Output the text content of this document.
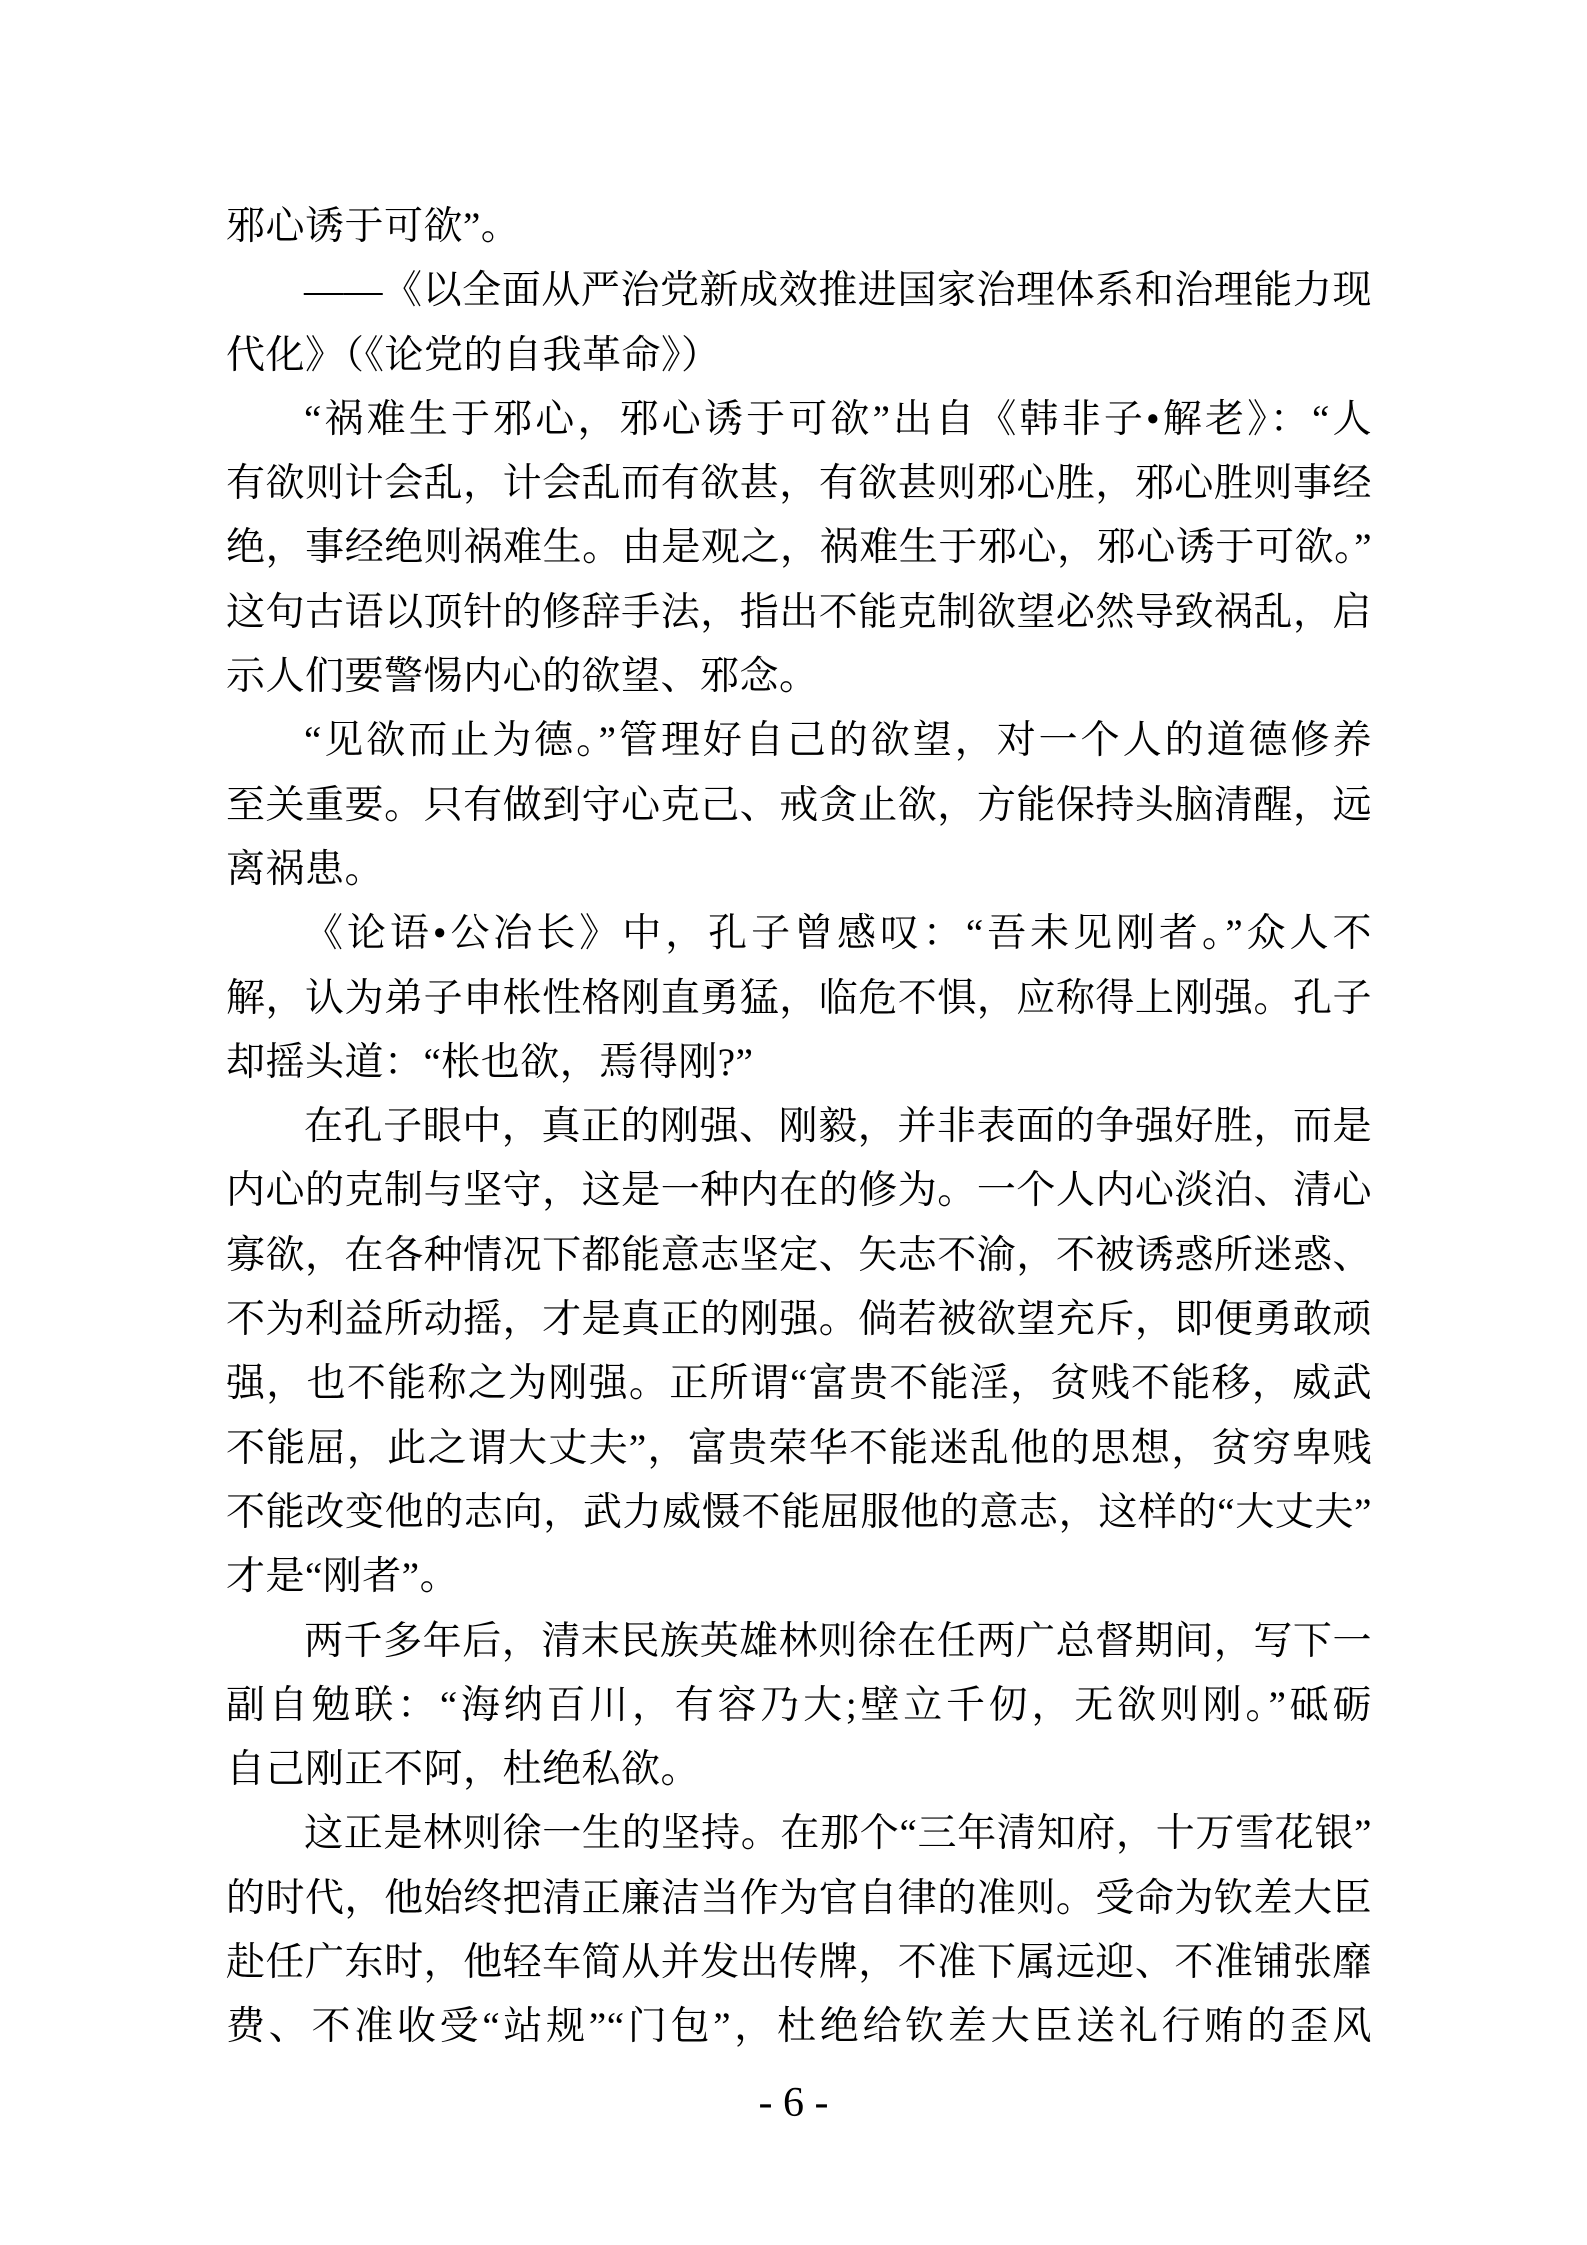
邪心诱于可欲”。
——《以全面从严治党新成效推进国家治理体系和治理能力现
代化》（《论党的自我革命》）
“祸难生于邪心，邪心诱于可欲”出自《韩非子•解老》：“人
有欲则计会乱，计会乱而有欲甚，有欲甚则邪心胜，邪心胜则事经
绝，事经绝则祸难生。由是观之，祸难生于邪心，邪心诱于可欲。”
这句古语以顶针的修辞手法，指出不能克制欲望必然导致祸乱，启
示人们要警惕内心的欲望、邪念。
“见欲而止为德。”管理好自己的欲望，对一个人的道德修养
至关重要。只有做到守心克己、戒贪止欲，方能保持头脑清醒，远
离祸患。
《论语•公冶长》中，孔子曾感叹：“吾未见刚者。”众人不
解，认为弟子申枨性格刚直勇猛，临危不惧，应称得上刚强。孔子
却摇头道：“枨也欲，焉得刚?”
在孔子眼中，真正的刚强、刚毅，并非表面的争强好胜，而是
内心的克制与坚守，这是一种内在的修为。一个人内心淡泊、清心
寡欲，在各种情况下都能意志坚定、矢志不渝，不被诱惑所迷惑、
不为利益所动摇，才是真正的刚强。倘若被欲望充斥，即便勇敢顽
强，也不能称之为刚强。正所谓“富贵不能淫，贫贱不能移，威武
不能屈，此之谓大丈夫”，富贵荣华不能迷乱他的思想，贫穷卑贱
不能改变他的志向，武力威慑不能屈服他的意志，这样的“大丈夫”
才是“刚者”。
两千多年后，清末民族英雄林则徐在任两广总督期间，写下一
副自勉联：“海纳百川，有容乃大;壁立千仞，无欲则刚。”砥砺
自己刚正不阿，杜绝私欲。
这正是林则徐一生的坚持。在那个“三年清知府，十万雪花银”
的时代，他始终把清正廉洁当作为官自律的准则。受命为钦差大臣
赴任广东时，他轻车简从并发出传牌，不准下属远迎、不准铺张靡
费、不准收受“站规”“门包”，杜绝给钦差大臣送礼行贿的歪风
- 6 -
